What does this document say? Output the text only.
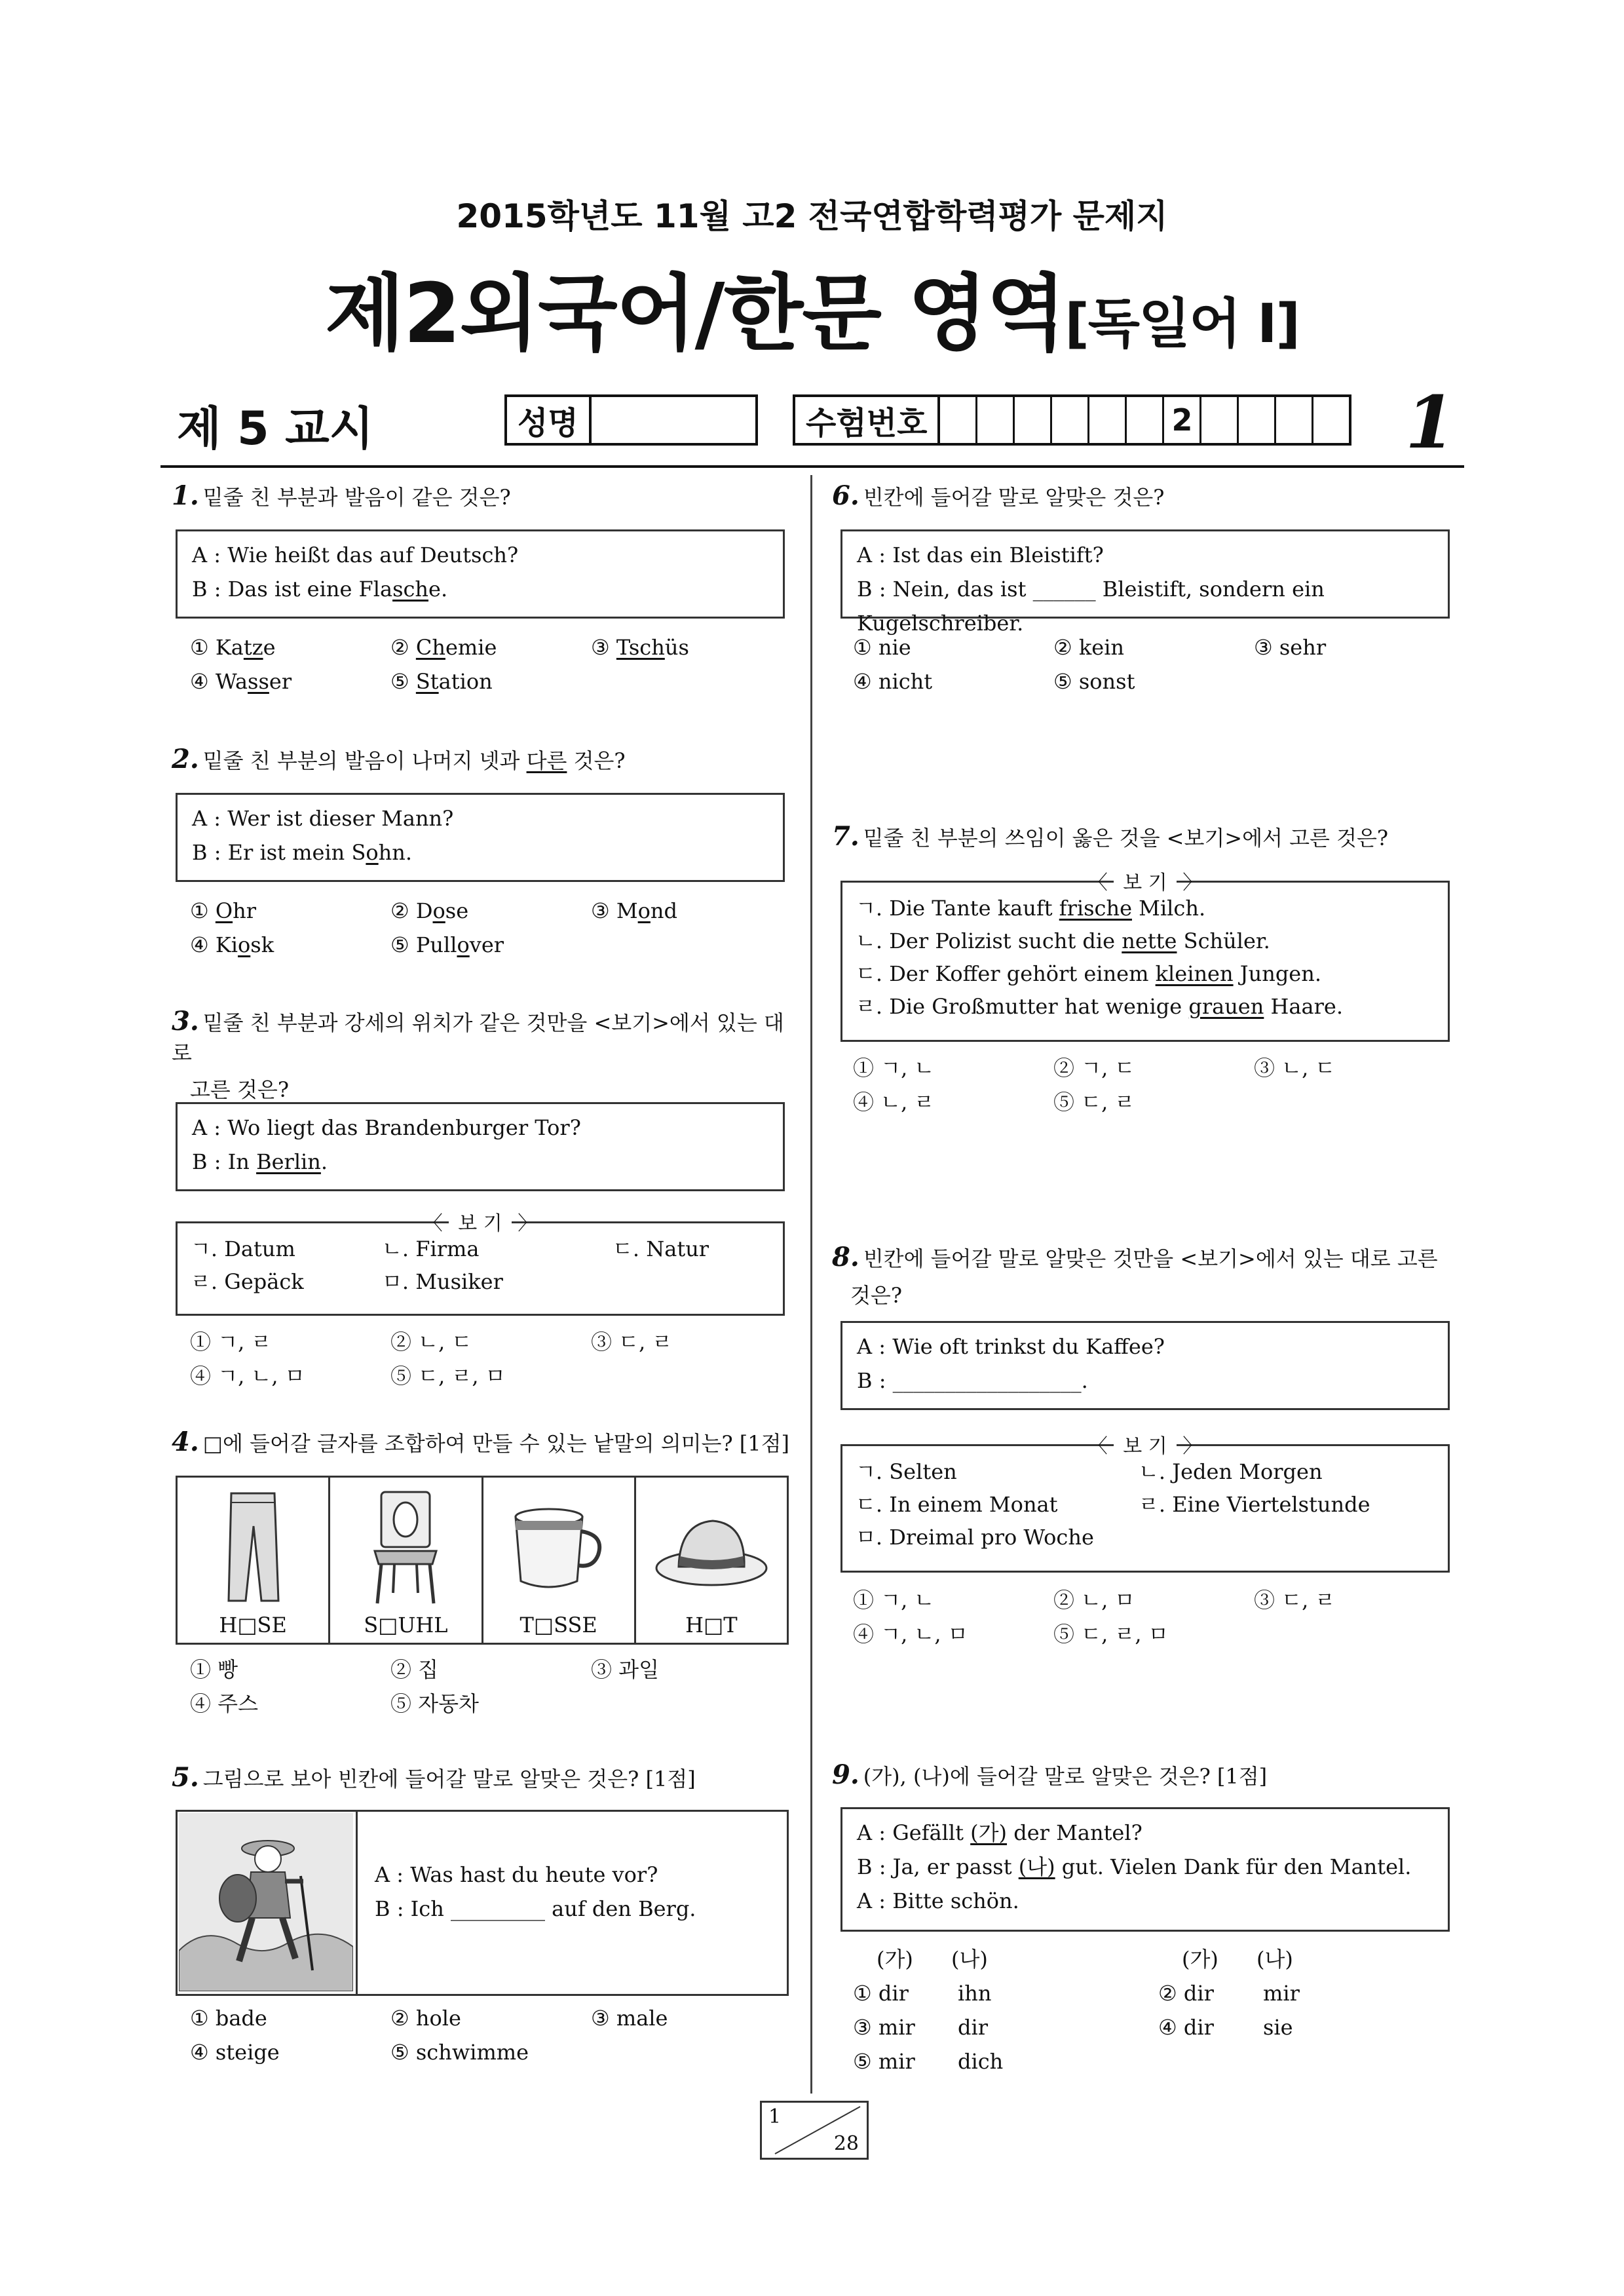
2015학년도 11월 고2 전국연합학력평가 문제지
제2외국어/한문 영역[독일어 Ⅰ]
제 5 교시	성명	수험번호	2	1
1. 밑줄 친 부분과 발음이 같은 것은?
A : Wie heißt das auf Deutsch?
B : Das ist eine Flasche.
① Katze	② Chemie	③ Tschüs
④ Wasser	⑤ Station
2. 밑줄 친 부분의 발음이 나머지 넷과 다른 것은?
A : Wer ist dieser Mann?
B : Er ist mein Sohn.
① Ohr	② Dose	③ Mond
④ Kiosk	⑤ Pullover
3. 밑줄 친 부분과 강세의 위치가 같은 것만을 <보기>에서 있는 대로
고른 것은?
A : Wo liegt das Brandenburger Tor?
B : In Berlin.
〈 보 기 〉
ㄱ. Datum	ㄴ. Firma	ㄷ. Natur
ㄹ. Gepäck	ㅁ. Musiker
① ㄱ, ㄹ	② ㄴ, ㄷ	③ ㄷ, ㄹ
④ ㄱ, ㄴ, ㅁ	⑤ ㄷ, ㄹ, ㅁ
4. □에 들어갈 글자를 조합하여 만들 수 있는 낱말의 의미는? [1점]
H□SE	S□UHL	T□SSE	H□T
① 빵	② 집	③ 과일
④ 주스	⑤ 자동차
5. 그림으로 보아 빈칸에 들어갈 말로 알맞은 것은? [1점]
A : Was hast du heute vor?
B : Ich _________ auf den Berg.
① bade	② hole	③ male
④ steige	⑤ schwimme
6. 빈칸에 들어갈 말로 알맞은 것은?
A : Ist das ein Bleistift?
B : Nein, das ist ______ Bleistift, sondern ein Kugelschreiber.
① nie	② kein	③ sehr
④ nicht	⑤ sonst
7. 밑줄 친 부분의 쓰임이 옳은 것을 <보기>에서 고른 것은?
〈 보 기 〉
ㄱ. Die Tante kauft frische Milch.
ㄴ. Der Polizist sucht die nette Schüler.
ㄷ. Der Koffer gehört einem kleinen Jungen.
ㄹ. Die Großmutter hat wenige grauen Haare.
① ㄱ, ㄴ	② ㄱ, ㄷ	③ ㄴ, ㄷ
④ ㄴ, ㄹ	⑤ ㄷ, ㄹ
8. 빈칸에 들어갈 말로 알맞은 것만을 <보기>에서 있는 대로 고른
것은?
A : Wie oft trinkst du Kaffee?
B : __________________.
〈 보 기 〉
ㄱ. Selten	ㄴ. Jeden Morgen
ㄷ. In einem Monat	ㄹ. Eine Viertelstunde
ㅁ. Dreimal pro Woche
① ㄱ, ㄴ	② ㄴ, ㅁ	③ ㄷ, ㄹ
④ ㄱ, ㄴ, ㅁ	⑤ ㄷ, ㄹ, ㅁ
9. (가), (나)에 들어갈 말로 알맞은 것은? [1점]
A : Gefällt (가) der Mantel?
B : Ja, er passt (나) gut. Vielen Dank für den Mantel.
A : Bitte schön.
(가) (나)	(가) (나)
① dir ihn	② dir mir
③ mir dir	④ dir sie
⑤ mir dich
1
28
